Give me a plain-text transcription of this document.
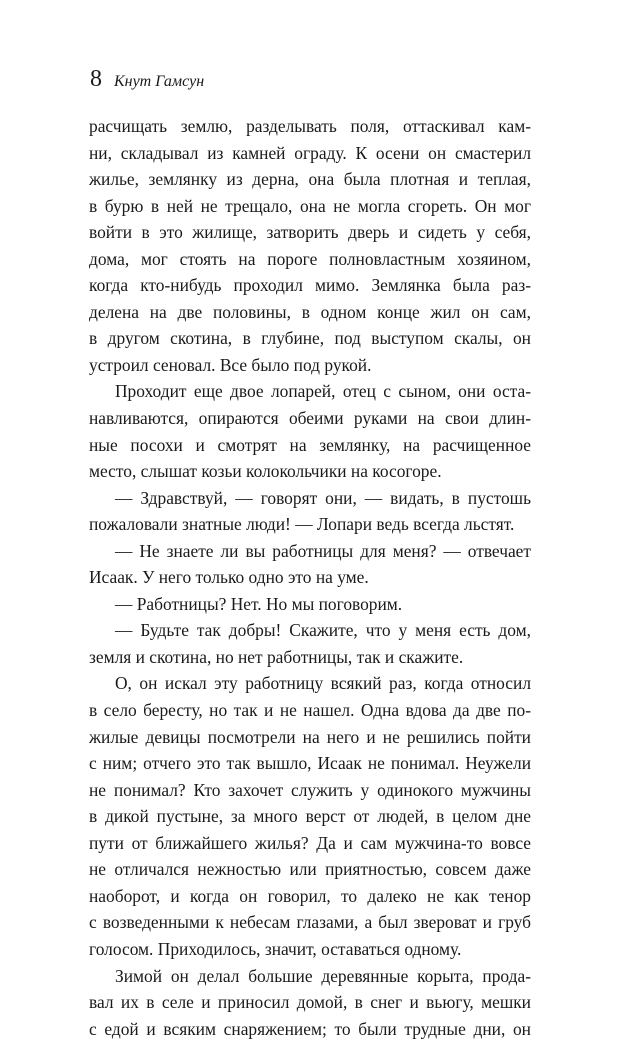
8 Кнут Гамсун
расчищать землю, разделывать поля, оттаскивал кам-
ни, складывал из камней ограду. К осени он смастерил
жилье, землянку из дерна, она была плотная и теплая,
в бурю в ней не трещало, она не могла сгореть. Он мог
войти в это жилище, затворить дверь и сидеть у себя,
дома, мог стоять на пороге полновластным хозяином,
когда кто-нибудь проходил мимо. Землянка была раз-
делена на две половины, в одном конце жил он сам,
в другом скотина, в глубине, под выступом скалы, он
устроил сеновал. Все было под рукой.
Проходит еще двое лопарей, отец с сыном, они оста-
навливаются, опираются обеими руками на свои длин-
ные посохи и смотрят на землянку, на расчищенное
место, слышат козьи колокольчики на косогоре.
— Здравствуй, — говорят они, — видать, в пустошь
пожаловали знатные люди! — Лопари ведь всегда льстят.
— Не знаете ли вы работницы для меня? — отвечает
Исаак. У него только одно это на уме.
— Работницы? Нет. Но мы поговорим.
— Будьте так добры! Скажите, что у меня есть дом,
земля и скотина, но нет работницы, так и скажите.
О, он искал эту работницу всякий раз, когда относил
в село бересту, но так и не нашел. Одна вдова да две по-
жилые девицы посмотрели на него и не решились пойти
с ним; отчего это так вышло, Исаак не понимал. Неужели
не понимал? Кто захочет служить у одинокого мужчины
в дикой пустыне, за много верст от людей, в целом дне
пути от ближайшего жилья? Да и сам мужчина-то вовсе
не отличался нежностью или приятностью, совсем даже
наоборот, и когда он говорил, то далеко не как тенор
с возведенными к небесам глазами, а был звероват и груб
голосом. Приходилось, значит, оставаться одному.
Зимой он делал большие деревянные корыта, прода-
вал их в селе и приносил домой, в снег и вьюгу, мешки
с едой и всяким снаряжением; то были трудные дни, он
